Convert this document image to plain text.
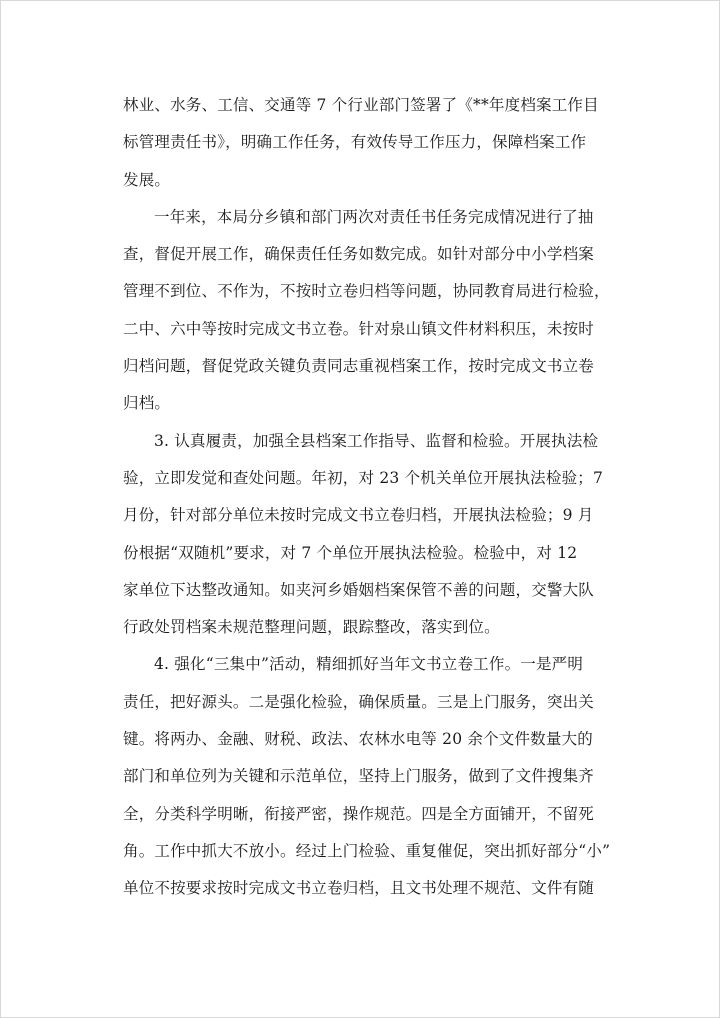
林业、水务、工信、交通等 7 个行业部门签署了《**年度档案工作目
标管理责任书》，明确工作任务，有效传导工作压力，保障档案工作
发展。

一年来，本局分乡镇和部门两次对责任书任务完成情况进行了抽
查，督促开展工作，确保责任任务如数完成。如针对部分中小学档案
管理不到位、不作为，不按时立卷归档等问题，协同教育局进行检验，
二中、六中等按时完成文书立卷。针对泉山镇文件材料积压，未按时
归档问题，督促党政关键负责同志重视档案工作，按时完成文书立卷
归档。

3. 认真履责，加强全县档案工作指导、监督和检验。开展执法检
验，立即发觉和查处问题。年初，对 23 个机关单位开展执法检验；7
月份，针对部分单位未按时完成文书立卷归档，开展执法检验；9 月
份根据“双随机”要求，对 7 个单位开展执法检验。检验中，对 12
家单位下达整改通知。如夹河乡婚姻档案保管不善的问题，交警大队
行政处罚档案未规范整理问题，跟踪整改，落实到位。

4. 强化“三集中”活动，精细抓好当年文书立卷工作。一是严明
责任，把好源头。二是强化检验，确保质量。三是上门服务，突出关
键。将两办、金融、财税、政法、农林水电等 20 余个文件数量大的
部门和单位列为关键和示范单位，坚持上门服务，做到了文件搜集齐
全，分类科学明晰，衔接严密，操作规范。四是全方面铺开，不留死
角。工作中抓大不放小。经过上门检验、重复催促，突出抓好部分“小”
单位不按要求按时完成文书立卷归档，且文书处理不规范、文件有随
